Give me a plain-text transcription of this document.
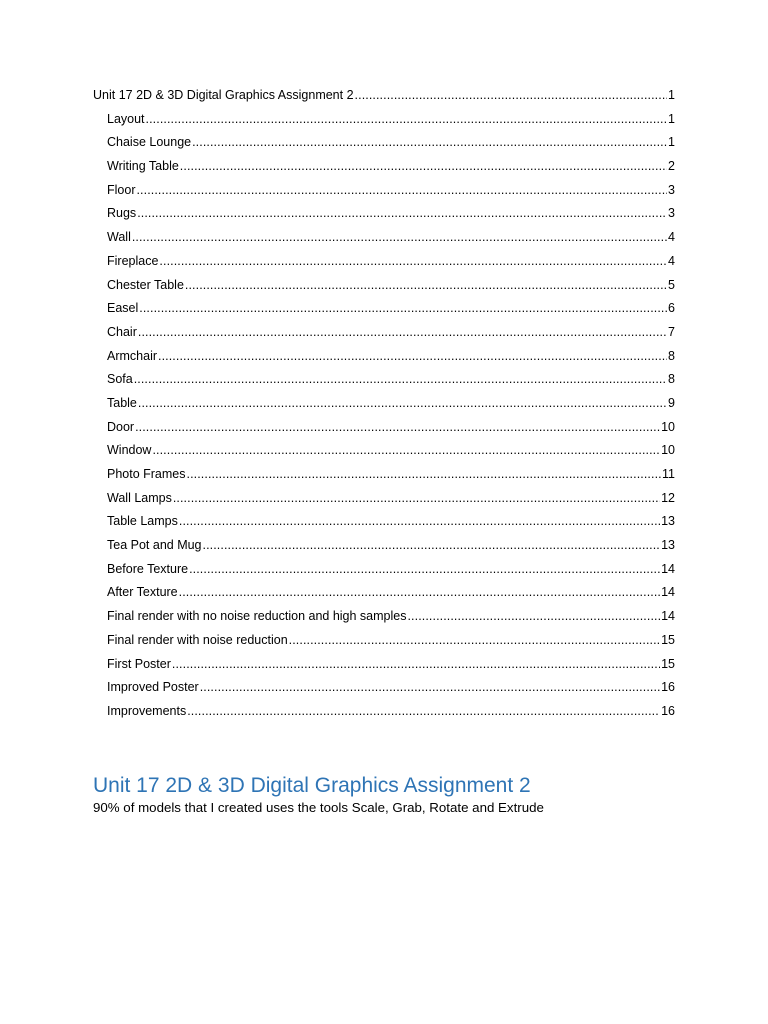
Unit 17 2D & 3D Digital Graphics Assignment 2 .....	1
Layout .....	1
Chaise Lounge .....	1
Writing Table .....	2
Floor .....	3
Rugs .....	3
Wall .....	4
Fireplace .....	4
Chester Table .....	5
Easel .....	6
Chair .....	7
Armchair .....	8
Sofa .....	8
Table .....	9
Door .....	10
Window .....	10
Photo Frames .....	11
Wall Lamps .....	12
Table Lamps .....	13
Tea Pot and Mug .....	13
Before Texture .....	14
After Texture .....	14
Final render with no noise reduction and high samples .....	14
Final render with noise reduction .....	15
First Poster .....	15
Improved Poster .....	16
Improvements .....	16
Unit 17 2D & 3D Digital Graphics Assignment 2

90% of models that I created uses the tools Scale, Grab, Rotate and Extrude
